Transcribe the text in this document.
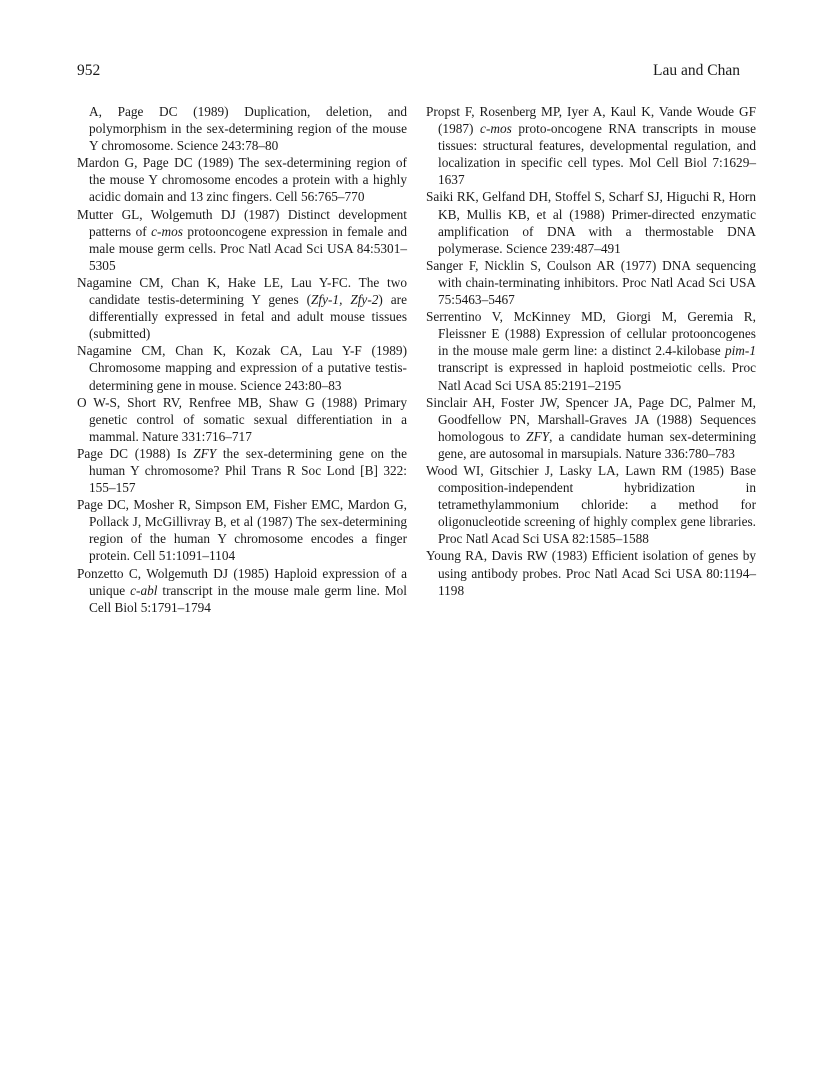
952	Lau and Chan

A, Page DC (1989) Duplication, deletion, and polymorphism in the sex-determining region of the mouse Y chromosome. Science 243:78–80

Mardon G, Page DC (1989) The sex-determining region of the mouse Y chromosome encodes a protein with a highly acidic domain and 13 zinc fingers. Cell 56:765–770

Mutter GL, Wolgemuth DJ (1987) Distinct development patterns of c-mos protooncogene expression in female and male mouse germ cells. Proc Natl Acad Sci USA 84:5301–5305

Nagamine CM, Chan K, Hake LE, Lau Y-FC. The two candidate testis-determining Y genes (Zfy-1, Zfy-2) are differentially expressed in fetal and adult mouse tissues (submitted)

Nagamine CM, Chan K, Kozak CA, Lau Y-F (1989) Chromosome mapping and expression of a putative testis-determining gene in mouse. Science 243:80–83

O W-S, Short RV, Renfree MB, Shaw G (1988) Primary genetic control of somatic sexual differentiation in a mammal. Nature 331:716–717

Page DC (1988) Is ZFY the sex-determining gene on the human Y chromosome? Phil Trans R Soc Lond [B] 322: 155–157

Page DC, Mosher R, Simpson EM, Fisher EMC, Mardon G, Pollack J, McGillivray B, et al (1987) The sex-determining region of the human Y chromosome encodes a finger protein. Cell 51:1091–1104

Ponzetto C, Wolgemuth DJ (1985) Haploid expression of a unique c-abl transcript in the mouse male germ line. Mol Cell Biol 5:1791–1794

Propst F, Rosenberg MP, Iyer A, Kaul K, Vande Woude GF (1987) c-mos proto-oncogene RNA transcripts in mouse tissues: structural features, developmental regulation, and localization in specific cell types. Mol Cell Biol 7:1629–1637

Saiki RK, Gelfand DH, Stoffel S, Scharf SJ, Higuchi R, Horn KB, Mullis KB, et al (1988) Primer-directed enzymatic amplification of DNA with a thermostable DNA polymerase. Science 239:487–491

Sanger F, Nicklin S, Coulson AR (1977) DNA sequencing with chain-terminating inhibitors. Proc Natl Acad Sci USA 75:5463–5467

Serrentino V, McKinney MD, Giorgi M, Geremia R, Fleissner E (1988) Expression of cellular protooncogenes in the mouse male germ line: a distinct 2.4-kilobase pim-1 transcript is expressed in haploid postmeiotic cells. Proc Natl Acad Sci USA 85:2191–2195

Sinclair AH, Foster JW, Spencer JA, Page DC, Palmer M, Goodfellow PN, Marshall-Graves JA (1988) Sequences homologous to ZFY, a candidate human sex-determining gene, are autosomal in marsupials. Nature 336:780–783

Wood WI, Gitschier J, Lasky LA, Lawn RM (1985) Base composition-independent hybridization in tetramethylammonium chloride: a method for oligonucleotide screening of highly complex gene libraries. Proc Natl Acad Sci USA 82:1585–1588

Young RA, Davis RW (1983) Efficient isolation of genes by using antibody probes. Proc Natl Acad Sci USA 80:1194–1198
